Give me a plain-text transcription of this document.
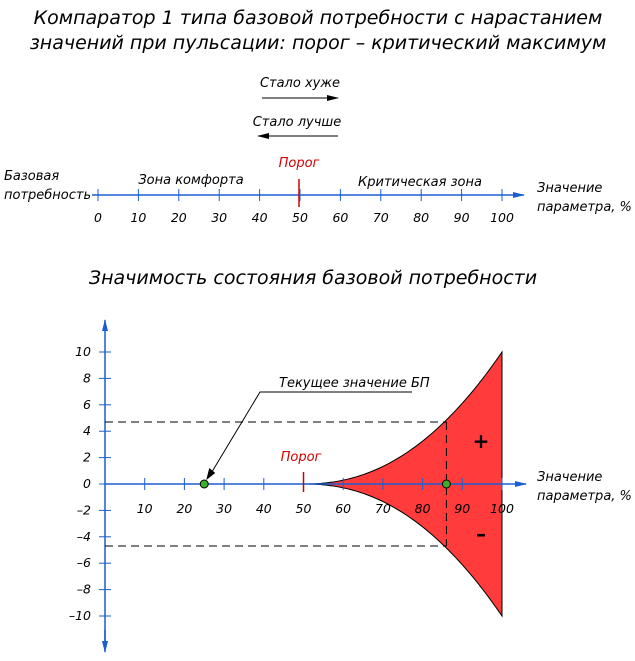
Компаратор 1 типа базовой потребности с нарастанием
значений при пульсации: порог – критический максимум
Стало хуже
Стало лучше
Базовая
потребность
Зона комфорта
Порог
Критическая зона
0 10 20 30 40 50 60 70 80 90 100
Значение
параметра, %
Значимость состояния базовой потребности
10
8
6
4
2
0
–2
–4
–6
–8
–10
10 20 30 40 50 60 70 80 90 100
Текущее значение БП
Порог
+
–
Значение
параметра, %
